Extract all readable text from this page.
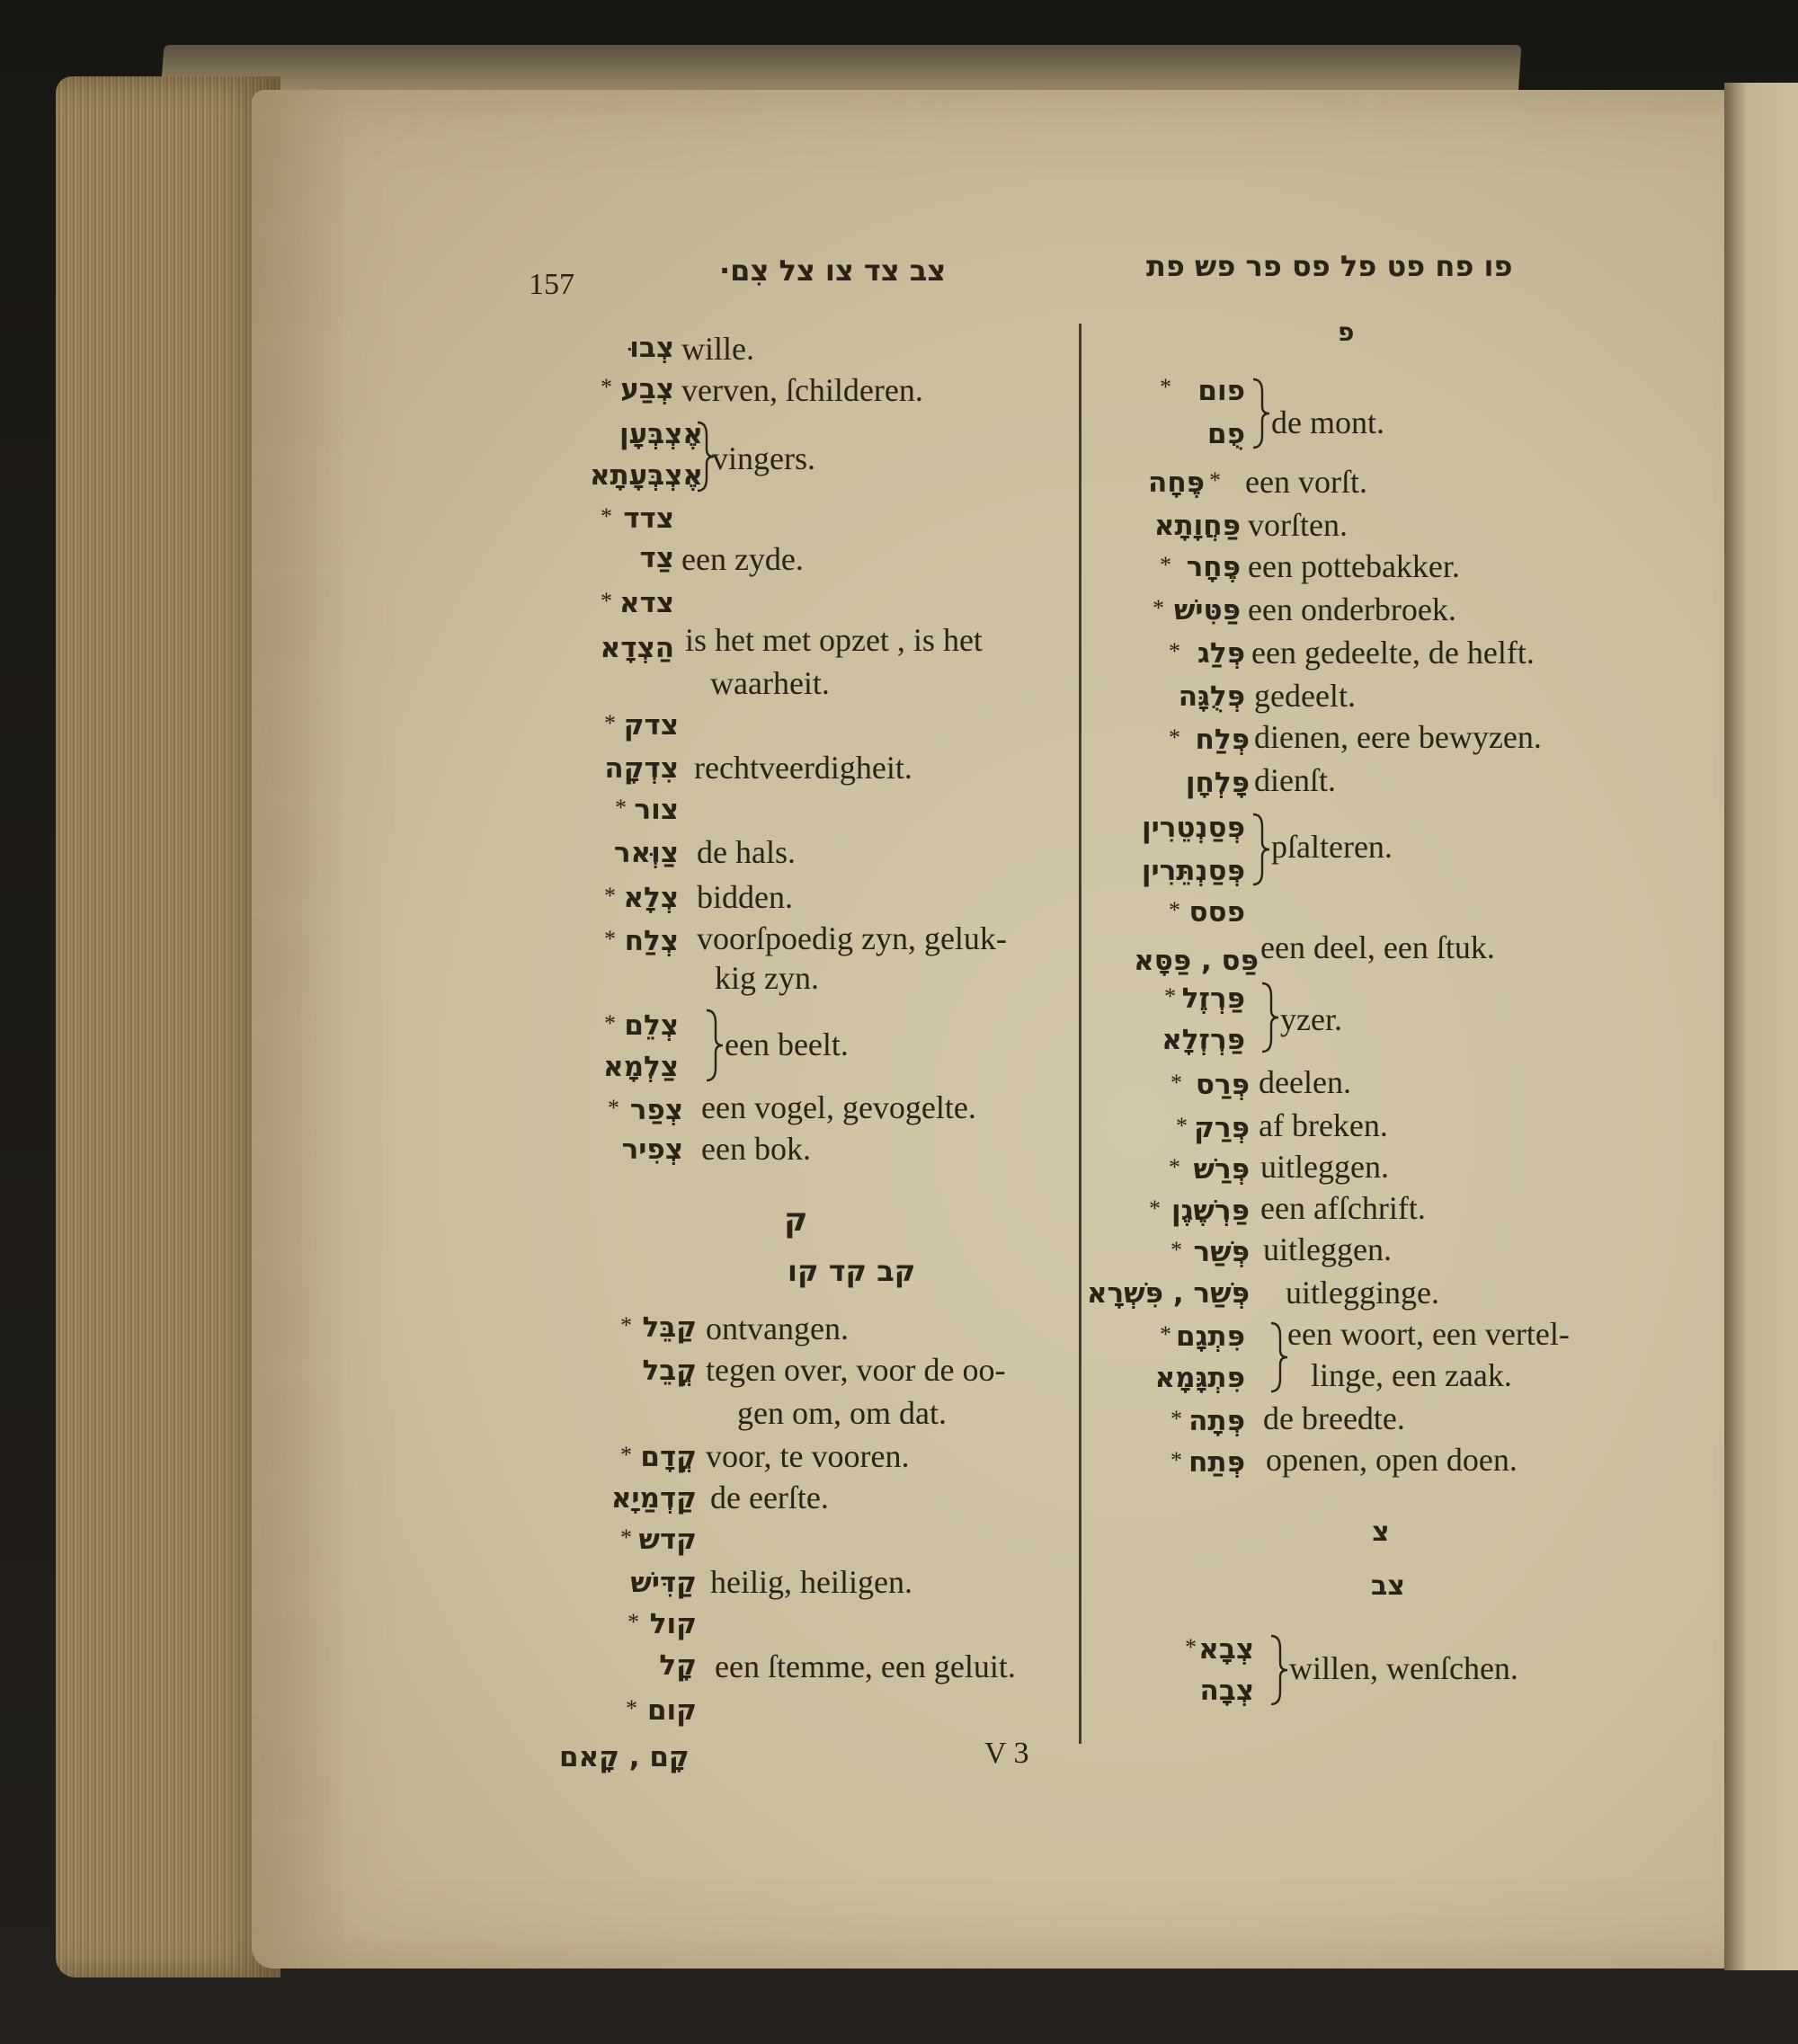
157	צב צד צו צל צִם·	פו פח פט פל פס פר פש פת
צְבוּ wille.
* צְבַע verven, ſchilderen.
אֶצְבְּעָן
אֶצְבְּעָתָא vingers.
* צדד
צַד een zyde.
* צדא
הַצְדָא is het met opzet , is het
waarheit.
* צדק
צִדְקָה rechtveerdigheit.
* צור
צַוְּאר de hals.
* צְלָא bidden.
* צְלַח voorſpoedig zyn, geluk-
kig zyn.
* צְלֵם
צַלְמָא
een beelt.
* צְפַר een vogel, gevogelte.
צְפִיר een bok.
ק
קב קד קו
* קַבֵּל ontvangen.
קֳבֵל tegen over, voor de oo-
gen om, om dat.
* קֳדָם voor, te vooren.
קַדְמַיָא de eerſte.
* קדש
קַדִּישׁ heilig, heiligen.
* קול
קָל een ſtemme, een geluit.
* קום
קָם , קָאם	V 3
פ
* פום
פֻם de mont.
*
פֶּחָה een vorſt.
פַּחֲוָתָא vorſten.
* פֶּחָר een pottebakker.
* פַּטִּישׁ een onderbroek.
* פְּלַג een gedeelte, de helft.
פְּלֻגָּה gedeelt.
* פְּלַח dienen, eere bewyzen.
פָּלְחָן dienſt.
פְּסַנְטֵרִין
פְּסַנְתֵּרִין
pſalteren.
* פסס
פַּס , פַּסָּא een deel, een ſtuk.
* פַּרְזֶל
פַּרְזְלָא
yzer.
* פְּרַס deelen.
* פְּרַק af breken.
* פְּרַשׁ uitleggen.
* פַּרְשֶׁגֶן een afſchrift.
* פְּשַׁר uitleggen.
פְּשַׁר , פִּשְׁרָא uitlegginge.
* פִּתְגָם
פִּתְגָּמָא
een woort, een vertel-
linge, een zaak.
* פְּתָה de breedte.
* פְּתַח openen, open doen.
צ
צב
* צְבָא
צְבָה
willen, wenſchen.
